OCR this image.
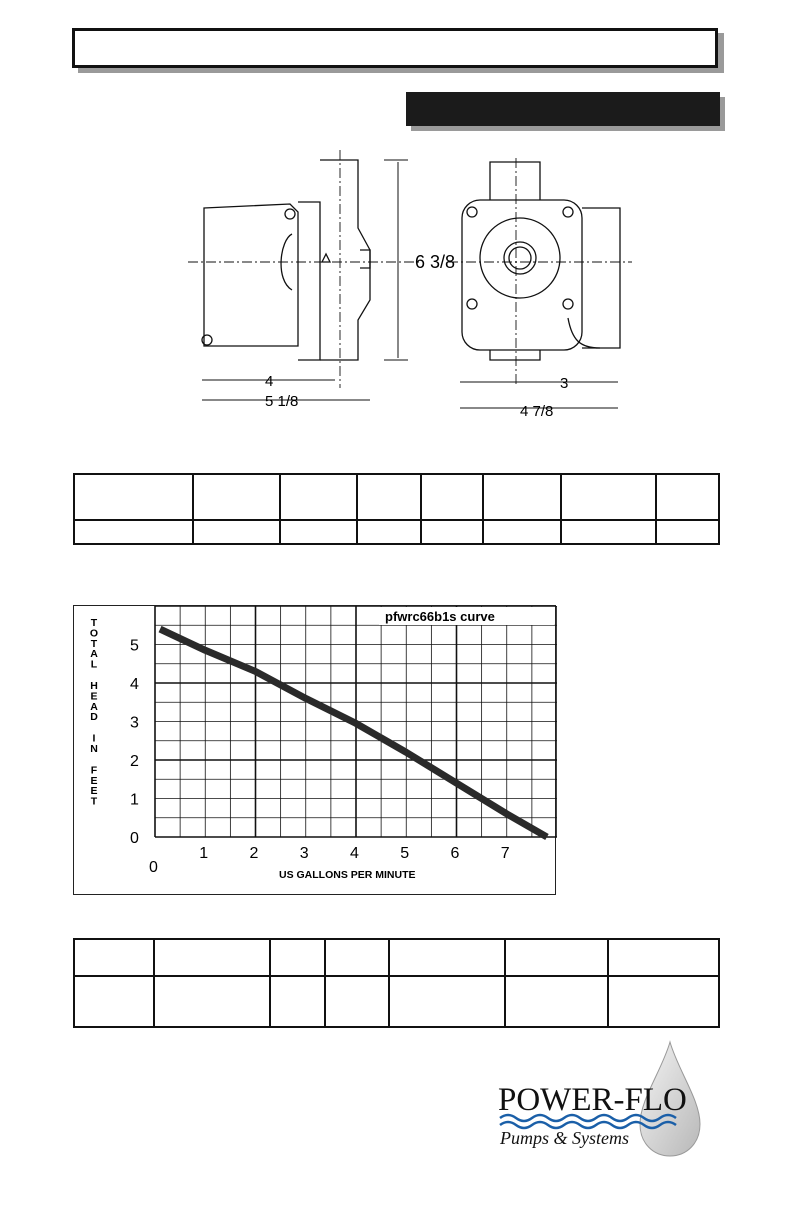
6 3/8
4
5 1/8
3
4 7/8

0
1	2	3	4	5	6	7
0
1
2
3
4
5
pfwrc66b1s curve
US GALLONS PER MINUTE
T
O
T
A
L
H
E
A
D
I
N
F
E
E
T

POWER-FLO
Pumps & Systems
